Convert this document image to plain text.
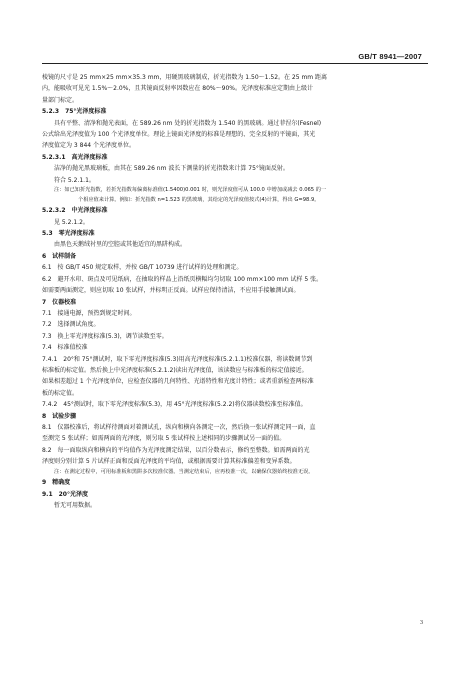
GB/T 8941—2007

棱镜的尺寸是 25 mm×25 mm×35.3 mm，用硬黑玻璃制成，折光指数为 1.50～1.52。在 25 mm 距离

内，能吸收可见光 1.5%～2.0%，且其镜面反射率因数应在 80%～90%。光泽度标准应定期由上级计

量部门标定。

5.2.3　75°光泽度标准

具有平整、清净和抛光表面，在 589.26 nm 处的折光指数为 1.540 的黑玻璃。通过菲涅尔(Fesnel)

公式给出光泽度值为 100 个光泽度单位。理论上镜面光泽度的标准是理想的、完全反射的平镜面，其光

泽度值定为 3 844 个光泽度单位。

5.2.3.1　高光泽度标准

洁净的抛光黑玻璃板，由其在 589.26 nm 波长下测量的折光指数来计算 75°镜面反射。

符合 5.2.1.1。

注：如已知折光指数，若折光指数每偏离标准值(1.5400)0.001 时，则光泽度值可从 100.0 中增加或减去 0.065 的一

个相应值来计算。例如：折光指数 n=1.523 的黑玻璃，其给定的光泽度值按式(4)计算，得出 G=98.9。

5.2.3.2　中光泽度标准

见 5.2.1.2。

5.3　零光泽度标准

由黑色天鹅绒衬里的空腔或其他适宜的黑阱构成。

6　试样制备

6.1　按 GB/T 450 规定取样，并按 GB/T 10739 进行试样的处理和测定。

6.2　避开水印、斑点及可见纸病，在抽取的样品上沿纸页横幅均匀切取 100 mm×100 mm 试样 5 张。

如需要两面测定，则应切取 10 张试样，并标明正反面。试样应保持清洁，不应用手接触测试面。

7　仪器校准

7.1　接通电源，预热到规定时间。

7.2　选择测试角度。

7.3　换上零光泽度标准(5.3)，调节读数至零。

7.4　标准值校准

7.4.1　20°和 75°测试时，取下零光泽度标准(5.3)用高光泽度标准(5.2.1.1)校准仪器，将读数调节到

标准板的标定值。然后换上中光泽度标准(5.2.1.2)读出光泽度值，该读数应与标准板的标定值接近。

如果相差超过 1 个光泽度单位，应检查仪器的几何特性、光谱特性和光度计特性；或者重新检查两标准

板的标定值。

7.4.2　45°测试时，取下零光泽度标准(5.3)，用 45°光泽度标准(5.2.2)将仪器读数校准至标准值。

8　试验步骤

8.1　仪器校准后，将试样待测面对着测试孔，纵向和横向各测定一次，然后换一张试样测定同一面，直

至测完 5 张试样；如需两面的光泽度，则另取 5 张试样按上述相同的步骤测试另一面的值。

8.2　每一面取纵向和横向的平均值作为光泽度测定结果，以百分数表示，修约至整数。如需两面的光

泽度则分别计算 5 片试样正面和反面光泽度的平均值，或根据需要计算其标准偏差和变异系数。

注：在测定过程中，可用标准板和黑阱多次校准仪器。当测定结束后，应再校准一次，以确保仪器始终校准无误。

9　精确度

9.1　20°光泽度

暂无可用数据。

3
